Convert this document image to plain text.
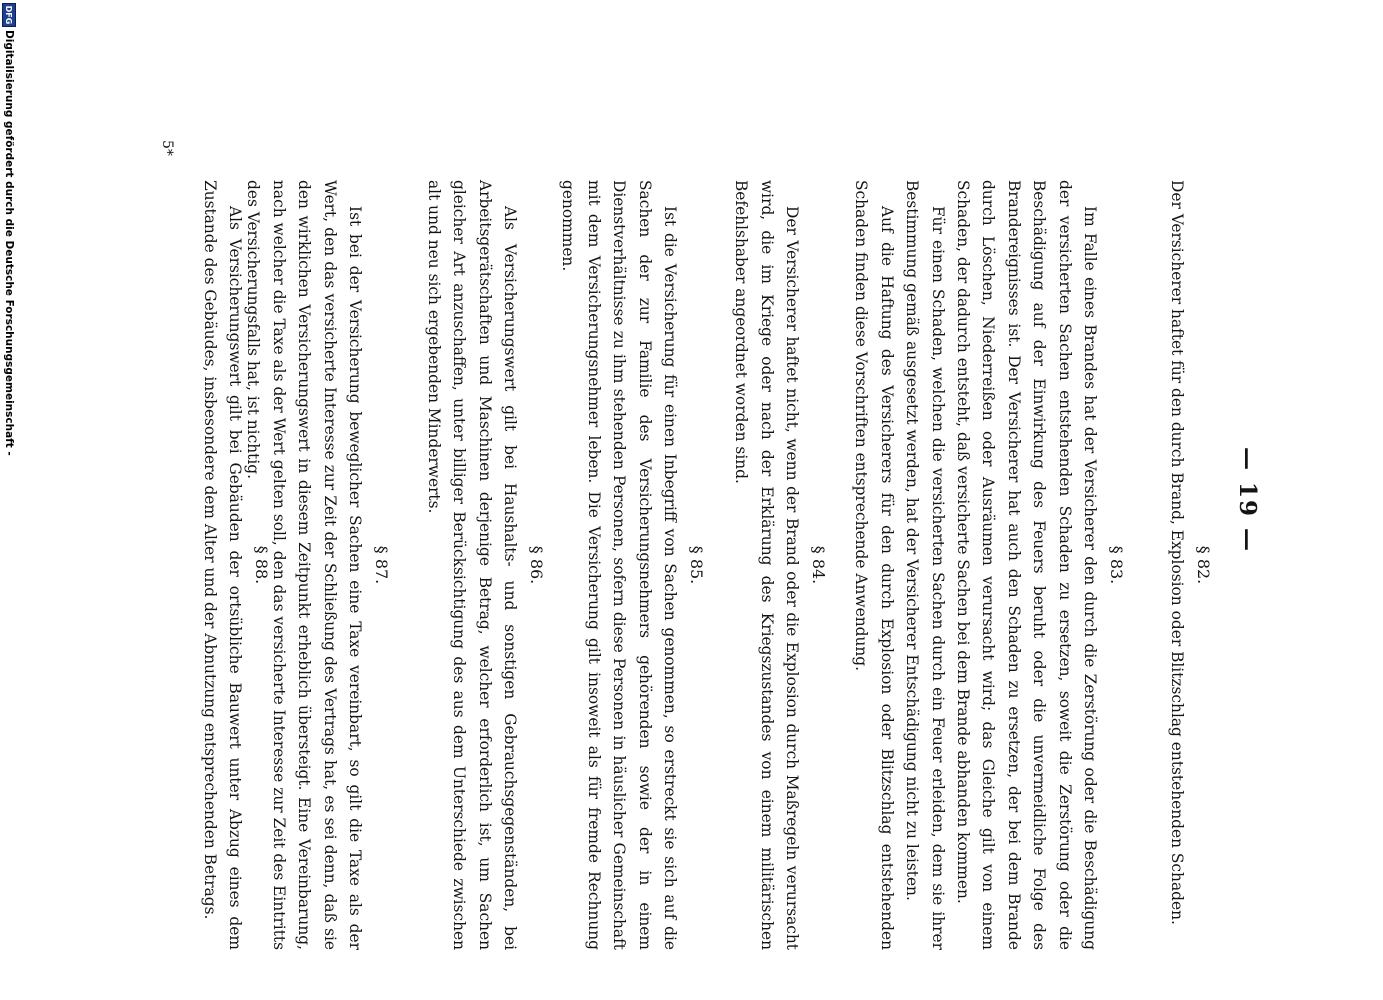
— 19 —
§ 82.

Der Versicherer haftet für den durch Brand, Explosion oder Blitzschlag entstehenden Schaden.

§ 83.

Im Falle eines Brandes hat der Versicherer den durch die Zerstörung oder die Beschädigung der versicherten Sachen entstehenden Schaden zu ersetzen, soweit die Zerstörung oder die Beschädigung auf der Einwirkung des Feuers beruht oder die unvermeidliche Folge des Brandereignisses ist. Der Versicherer hat auch den Schaden zu ersetzen, der bei dem Brande durch Löschen, Niederreißen oder Ausräumen verursacht wird; das Gleiche gilt von einem Schaden, der dadurch entsteht, daß versicherte Sachen bei dem Brande abhanden kommen.

Für einen Schaden, welchen die versicherten Sachen durch ein Feuer erleiden, dem sie ihrer Bestimmung gemäß ausgesetzt werden, hat der Versicherer Entschädigung nicht zu leisten.

Auf die Haftung des Versicherers für den durch Explosion oder Blitzschlag entstehenden Schaden finden diese Vorschriften entsprechende Anwendung.

§ 84.

Der Versicherer haftet nicht, wenn der Brand oder die Explosion durch Maßregeln verursacht wird, die im Kriege oder nach der Erklärung des Kriegszustandes von einem militärischen Befehlshaber angeordnet worden sind.

§ 85.

Ist die Versicherung für einen Inbegriff von Sachen genommen, so erstreckt sie sich auf die Sachen der zur Familie des Versicherungsnehmers gehörenden sowie der in einem Dienstverhältnisse zu ihm stehenden Personen, sofern diese Personen in häuslicher Gemeinschaft mit dem Versicherungsnehmer leben. Die Versicherung gilt insoweit als für fremde Rechnung genommen.

§ 86.

Als Versicherungswert gilt bei Haushalts- und sonstigen Gebrauchsgegenständen, bei Arbeitsgerätschaften und Maschinen derjenige Betrag, welcher erforderlich ist, um Sachen gleicher Art anzuschaffen, unter billiger Berücksichtigung des aus dem Unterschiede zwischen alt und neu sich ergebenden Minderwerts.

§ 87.

Ist bei der Versicherung beweglicher Sachen eine Taxe vereinbart, so gilt die Taxe als der Wert, den das versicherte Interesse zur Zeit der Schließung des Vertrags hat, es sei denn, daß sie den wirklichen Versicherungswert in diesem Zeitpunkt erheblich übersteigt. Eine Vereinbarung, nach welcher die Taxe als der Wert gelten soll, den das versicherte Interesse zur Zeit des Eintritts des Versicherungsfalls hat, ist nichtig.

§ 88.

Als Versicherungswert gilt bei Gebäuden der ortsübliche Bauwert unter Abzug eines dem Zustande des Gebäudes, insbesondere dem Alter und der Abnutzung entsprechenden Betrags.

5*
DFG
Digitalisierung gefördert durch die Deutsche Forschungsgemeinschaft -
